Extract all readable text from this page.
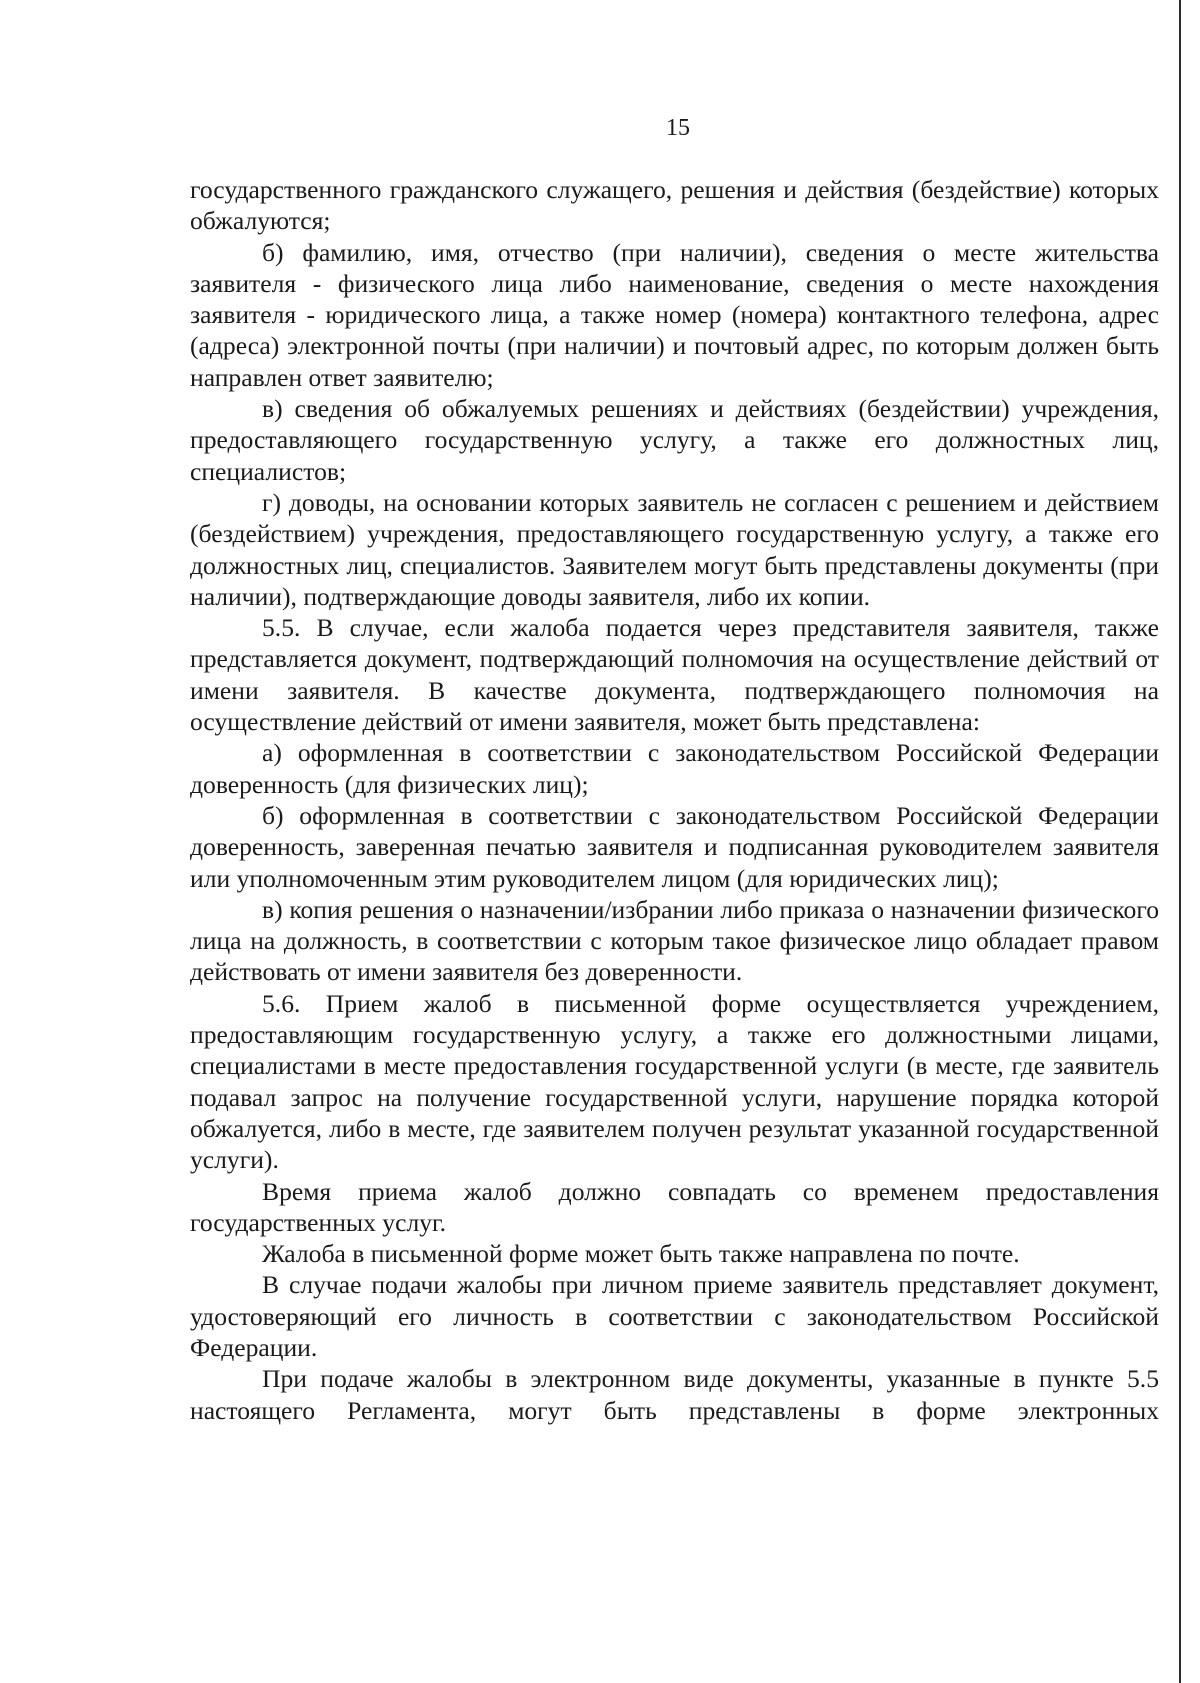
15

государственного гражданского служащего, решения и действия (бездействие) которых обжалуются;

б) фамилию, имя, отчество (при наличии), сведения о месте жительства заявителя - физического лица либо наименование, сведения о месте нахождения заявителя - юридического лица, а также номер (номера) контактного телефона, адрес (адреса) электронной почты (при наличии) и почтовый адрес, по которым должен быть направлен ответ заявителю;

в) сведения об обжалуемых решениях и действиях (бездействии) учреждения, предоставляющего государственную услугу, а также его должностных лиц, специалистов;

г) доводы, на основании которых заявитель не согласен с решением и действием (бездействием) учреждения, предоставляющего государственную услугу, а также его должностных лиц, специалистов. Заявителем могут быть представлены документы (при наличии), подтверждающие доводы заявителя, либо их копии.

5.5. В случае, если жалоба подается через представителя заявителя, также представляется документ, подтверждающий полномочия на осуществление действий от имени заявителя. В качестве документа, подтверждающего полномочия на осуществление действий от имени заявителя, может быть представлена:

а) оформленная в соответствии с законодательством Российской Федерации доверенность (для физических лиц);

б) оформленная в соответствии с законодательством Российской Федерации доверенность, заверенная печатью заявителя и подписанная руководителем заявителя или уполномоченным этим руководителем лицом (для юридических лиц);

в) копия решения о назначении/избрании либо приказа о назначении физического лица на должность, в соответствии с которым такое физическое лицо обладает правом действовать от имени заявителя без доверенности.

5.6. Прием жалоб в письменной форме осуществляется учреждением, предоставляющим государственную услугу, а также его должностными лицами, специалистами в месте предоставления государственной услуги (в месте, где заявитель подавал запрос на получение государственной услуги, нарушение порядка которой обжалуется, либо в месте, где заявителем получен результат указанной государственной услуги).

Время приема жалоб должно совпадать со временем предоставления государственных услуг.

Жалоба в письменной форме может быть также направлена по почте.

В случае подачи жалобы при личном приеме заявитель представляет документ, удостоверяющий его личность в соответствии с законодательством Российской Федерации.

При подаче жалобы в электронном виде документы, указанные в пункте 5.5 настоящего Регламента, могут быть представлены в форме электронных
